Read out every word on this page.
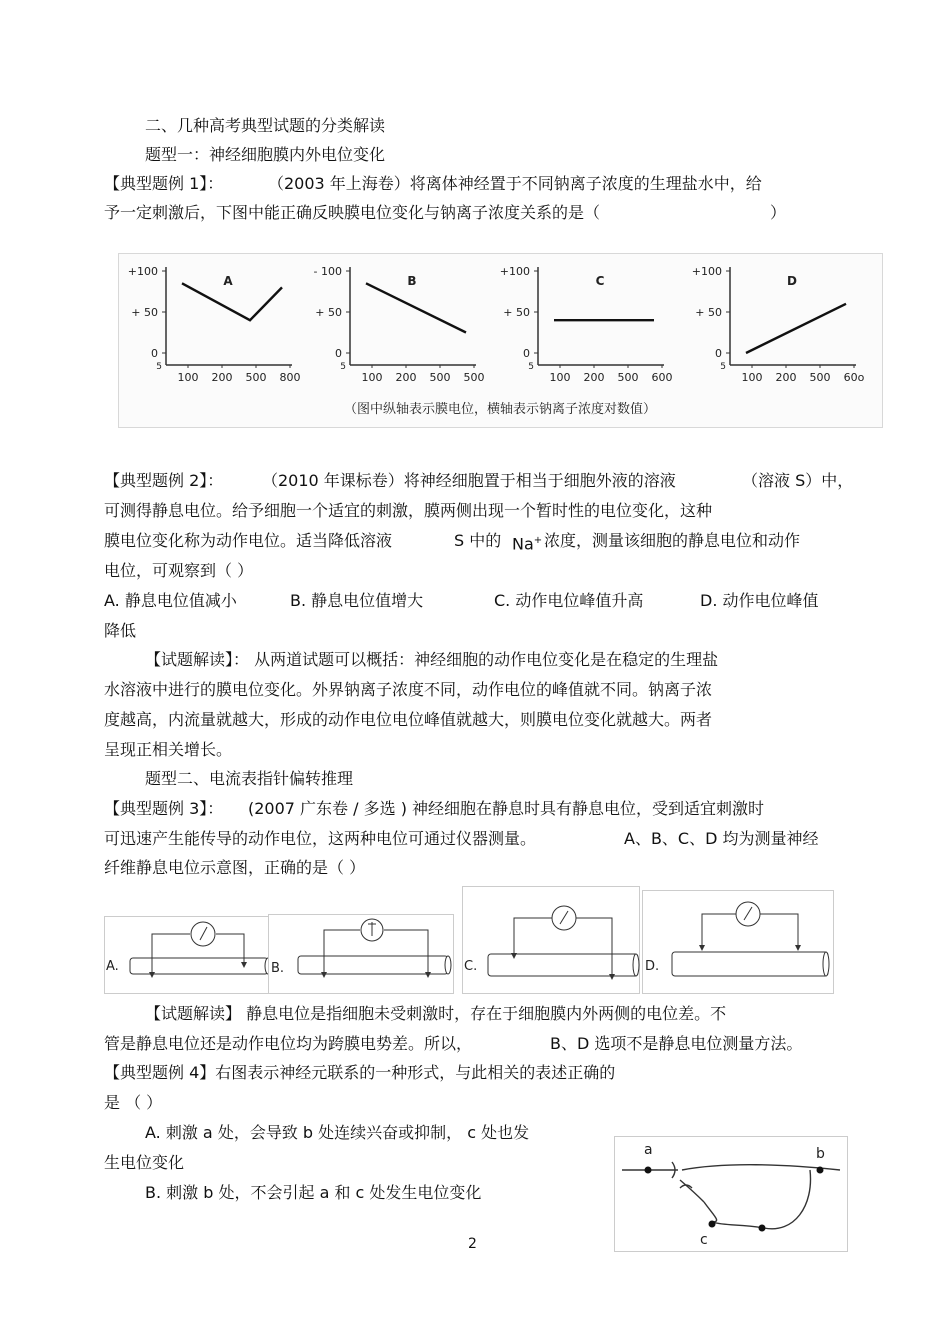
二、几种高考典型试题的分类解读
题型一：神经细胞膜内外电位变化
【典型题例 1】：	（2003 年上海卷）将离体神经置于不同钠离子浓度的生理盐水中，给
予一定刺激后，下图中能正确反映膜电位变化与钠离子浓度关系的是（	）
+100
+ 50
0
5
100 200 500 800
A
- 100
+ 50
0
5
100 200 500 500
B
+100
+ 50
0
5
100 200 500 600
C
+100
+ 50
0
5
100 200 500 60o
D
（图中纵轴表示膜电位，横轴表示钠离子浓度对数值）
【典型题例 2】： （2010 年课标卷）将神经细胞置于相当于细胞外液的溶液	（溶液 S）中，
可测得静息电位。给予细胞一个适宜的刺激，膜两侧出现一个暂时性的电位变化，这种
膜电位变化称为动作电位。适当降低溶液	S 中的 Na+ 浓度，测量该细胞的静息电位和动作
电位，可观察到（ ）
A. 静息电位值减小	B. 静息电位值增大	C. 动作电位峰值升高	D. 动作电位峰值
降低
【试题解读】： 从两道试题可以概括：神经细胞的动作电位变化是在稳定的生理盐
水溶液中进行的膜电位变化。外界钠离子浓度不同，动作电位的峰值就不同。钠离子浓
度越高，内流量就越大，形成的动作电位电位峰值就越大，则膜电位变化就越大。两者
呈现正相关增长。
题型二、电流表指针偏转推理
【典型题例 3】： (2007 广东卷 / 多选 ) 神经细胞在静息时具有静息电位，受到适宜刺激时
可迅速产生能传导的动作电位，这两种电位可通过仪器测量。	A、B、C、D 均为测量神经
纤维静息电位示意图，正确的是（ ）
A.	B.	C.	D.
【试题解读】 静息电位是指细胞未受刺激时，存在于细胞膜内外两侧的电位差。不
管是静息电位还是动作电位均为跨膜电势差。所以，	B、D 选项不是静息电位测量方法。
【典型题例 4】右图表示神经元联系的一种形式，与此相关的表述正确的
是 （ ）
A. 刺激 a 处，会导致 b 处连续兴奋或抑制， c 处也发
生电位变化
B. 刺激 b 处，不会引起 a 和 c 处发生电位变化
a	b
c
2
